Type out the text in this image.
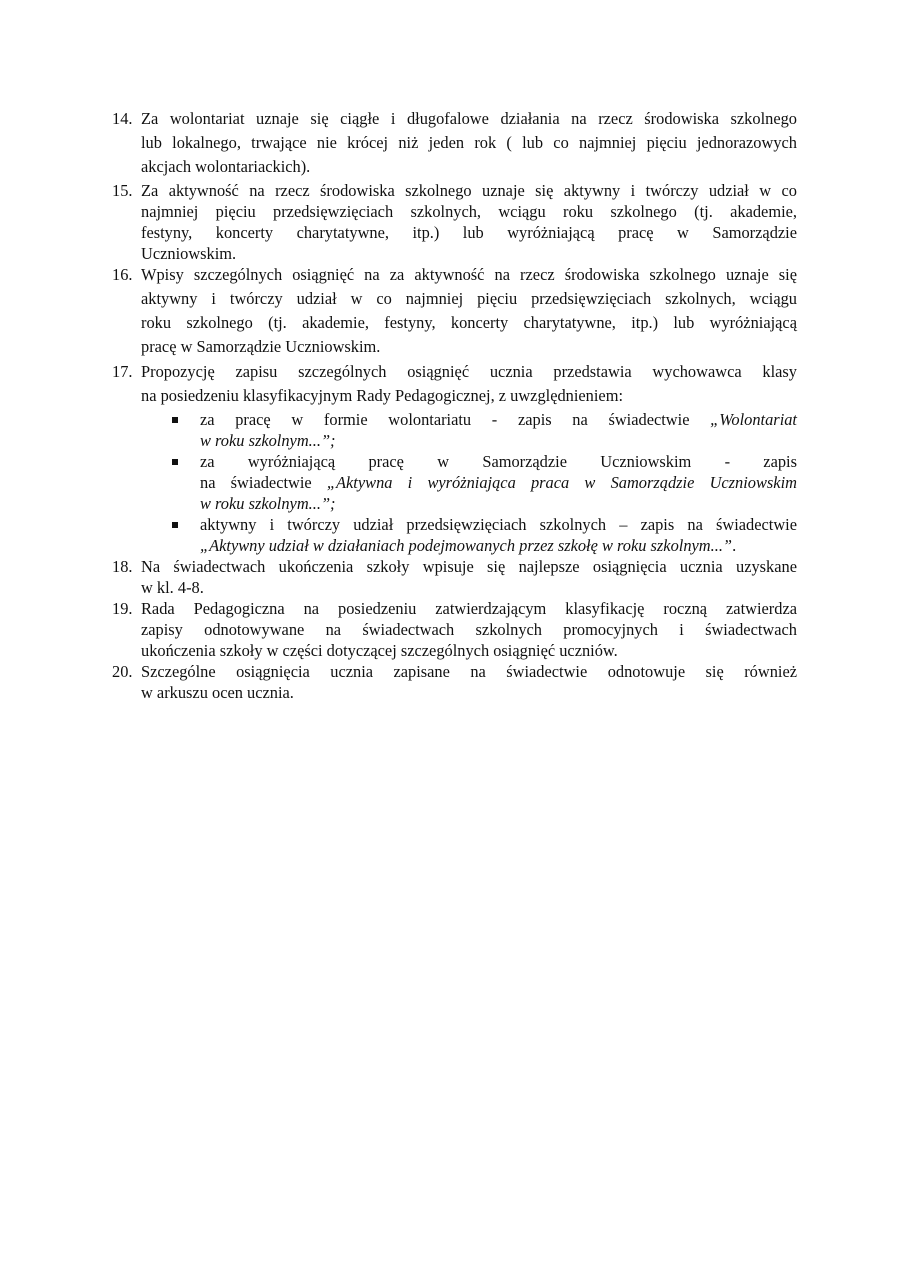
14. Za wolontariat uznaje się ciągłe i długofalowe działania na rzecz środowiska szkolnego
lub lokalnego, trwające nie krócej niż jeden rok ( lub co najmniej pięciu jednorazowych
akcjach wolontariackich).
15. Za aktywność na rzecz środowiska szkolnego uznaje się aktywny i twórczy udział w co
najmniej pięciu przedsięwzięciach szkolnych, wciągu roku szkolnego (tj. akademie,
festyny, koncerty charytatywne, itp.) lub wyróżniającą pracę w Samorządzie
Uczniowskim.
16. Wpisy szczególnych osiągnięć na za aktywność na rzecz środowiska szkolnego uznaje się
aktywny i twórczy udział w co najmniej pięciu przedsięwzięciach szkolnych, wciągu
roku szkolnego (tj. akademie, festyny, koncerty charytatywne, itp.) lub wyróżniającą
pracę w Samorządzie Uczniowskim.
17. Propozycję zapisu szczególnych osiągnięć ucznia przedstawia wychowawca klasy
na posiedzeniu klasyfikacyjnym Rady Pedagogicznej, z uwzględnieniem:
za pracę w formie wolontariatu - zapis na świadectwie „Wolontariat
w roku szkolnym...”;
za wyróżniającą pracę w Samorządzie Uczniowskim - zapis
na świadectwie „Aktywna i wyróżniająca praca w Samorządzie Uczniowskim
w roku szkolnym...”;
aktywny i twórczy udział przedsięwzięciach szkolnych – zapis na świadectwie
„Aktywny udział w działaniach podejmowanych przez szkołę w roku szkolnym...”.
18. Na świadectwach ukończenia szkoły wpisuje się najlepsze osiągnięcia ucznia uzyskane
w kl. 4-8.
19. Rada Pedagogiczna na posiedzeniu zatwierdzającym klasyfikację roczną zatwierdza
zapisy odnotowywane na świadectwach szkolnych promocyjnych i świadectwach
ukończenia szkoły w części dotyczącej szczególnych osiągnięć uczniów.
20. Szczególne osiągnięcia ucznia zapisane na świadectwie odnotowuje się również
w arkuszu ocen ucznia.
